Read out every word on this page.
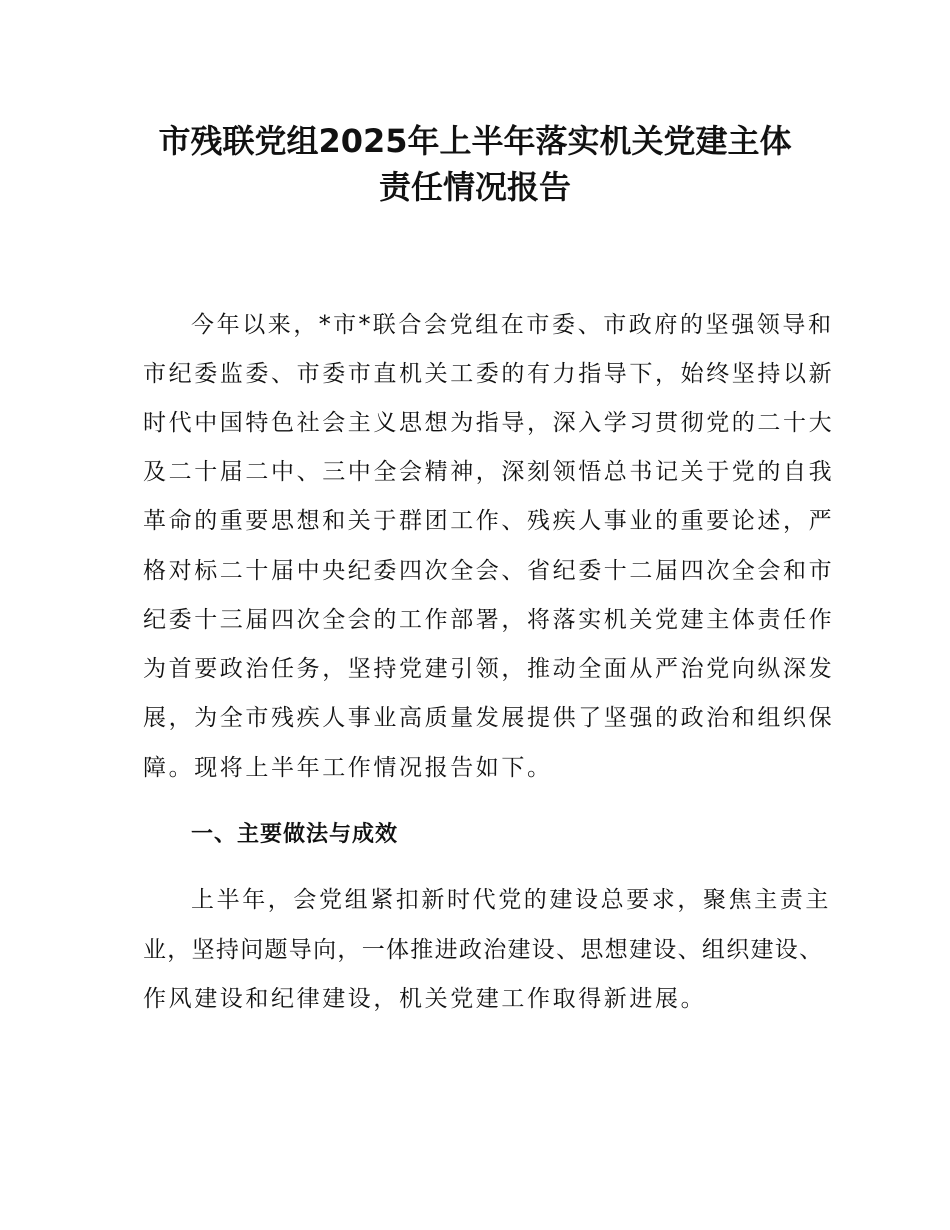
市残联党组2025年上半年落实机关党建主体
责任情况报告
今年以来，*市*联合会党组在市委、市政府的坚强领导和
市纪委监委、市委市直机关工委的有力指导下，始终坚持以新
时代中国特色社会主义思想为指导，深入学习贯彻党的二十大
及二十届二中、三中全会精神，深刻领悟总书记关于党的自我
革命的重要思想和关于群团工作、残疾人事业的重要论述，严
格对标二十届中央纪委四次全会、省纪委十二届四次全会和市
纪委十三届四次全会的工作部署，将落实机关党建主体责任作
为首要政治任务，坚持党建引领，推动全面从严治党向纵深发
展，为全市残疾人事业高质量发展提供了坚强的政治和组织保
障。现将上半年工作情况报告如下。
一、主要做法与成效
上半年，会党组紧扣新时代党的建设总要求，聚焦主责主
业，坚持问题导向，一体推进政治建设、思想建设、组织建设、
作风建设和纪律建设，机关党建工作取得新进展。
